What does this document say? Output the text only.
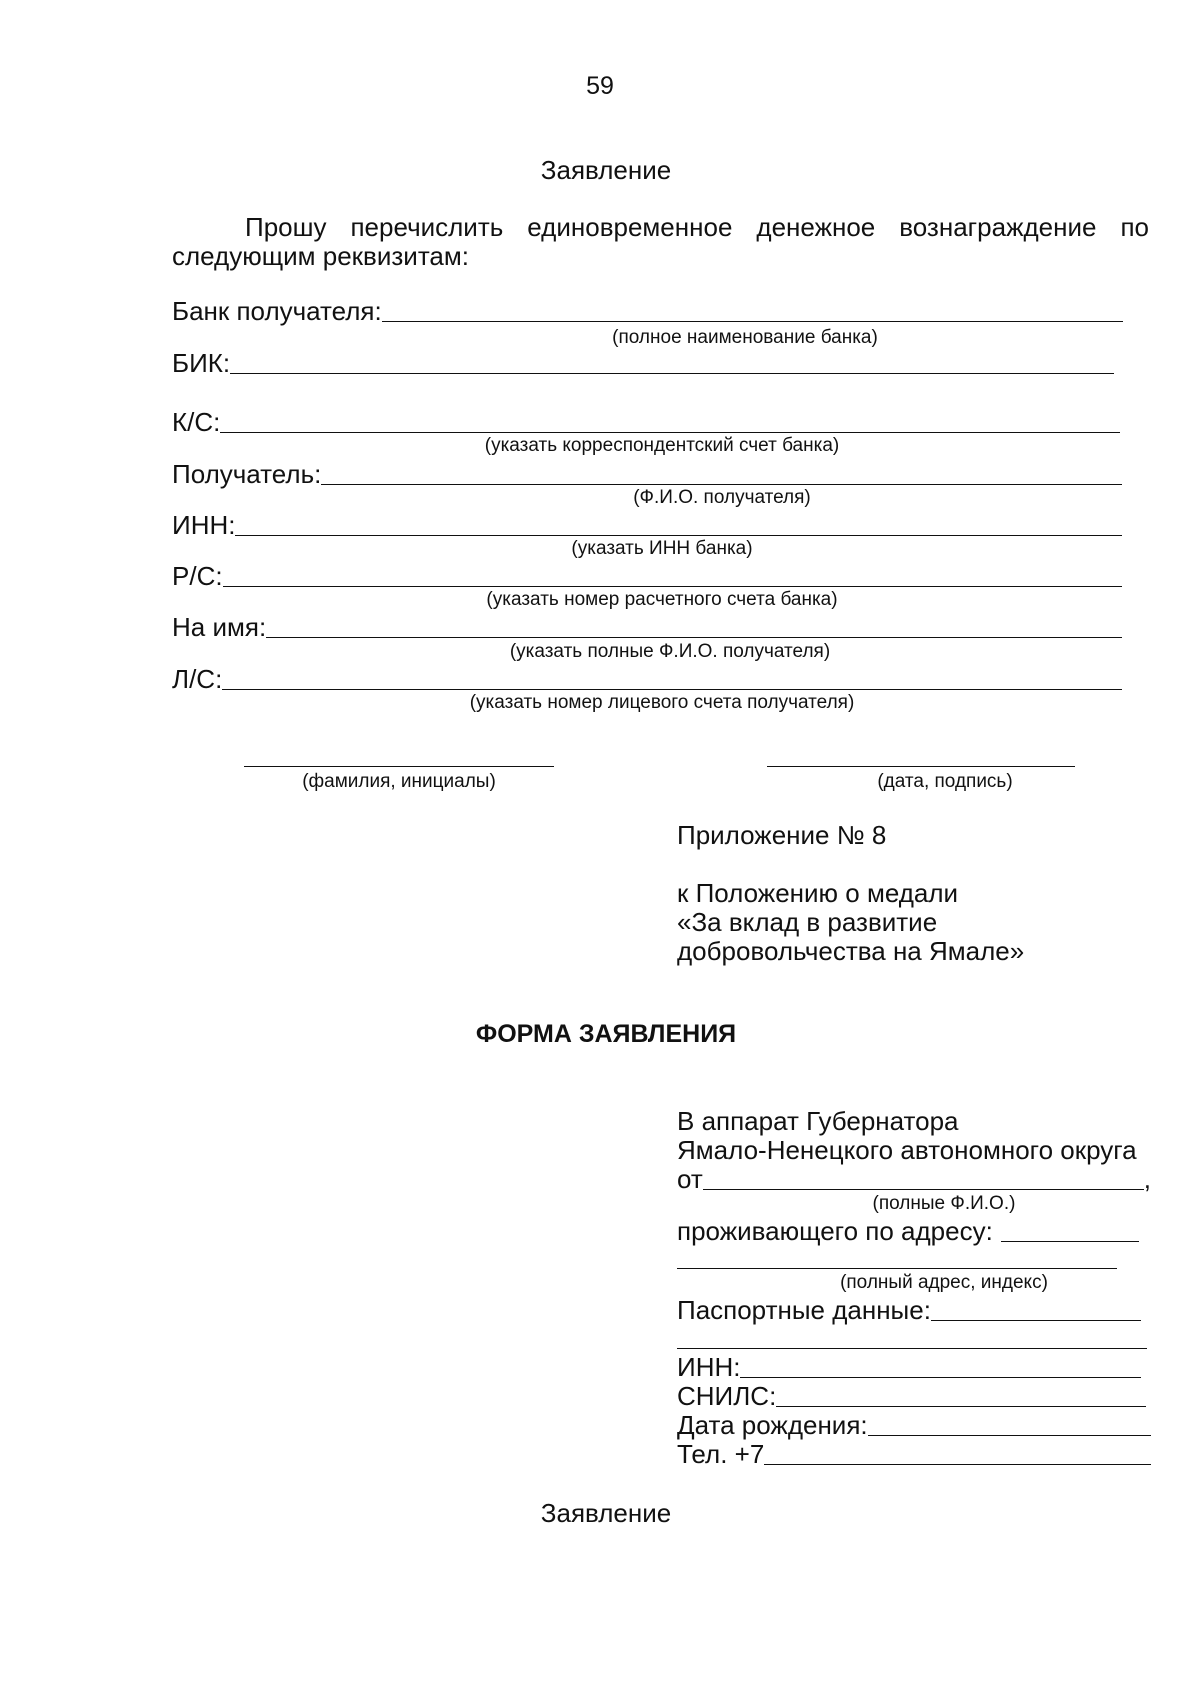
59
Заявление
Прошу перечислить единовременное денежное вознаграждение по
следующим реквизитам:
Банк получателя:
(полное наименование банка)
БИК:
К/С:
(указать корреспондентский счет банка)
Получатель:
(Ф.И.О. получателя)
ИНН:
(указать ИНН банка)
Р/С:
(указать номер расчетного счета банка)
На имя:
(указать полные Ф.И.О. получателя)
Л/С:
(указать номер лицевого счета получателя)
(фамилия, инициалы)	(дата, подпись)
Приложение № 8
к Положению о медали
«За вклад в развитие
добровольчества на Ямале»
ФОРМА ЗАЯВЛЕНИЯ
В аппарат Губернатора
Ямало-Ненецкого автономного округа
от	,
(полные Ф.И.О.)
проживающего по адресу:
(полный адрес, индекс)
Паспортные данные:
ИНН:
СНИЛС:
Дата рождения:
Тел. +7
Заявление
